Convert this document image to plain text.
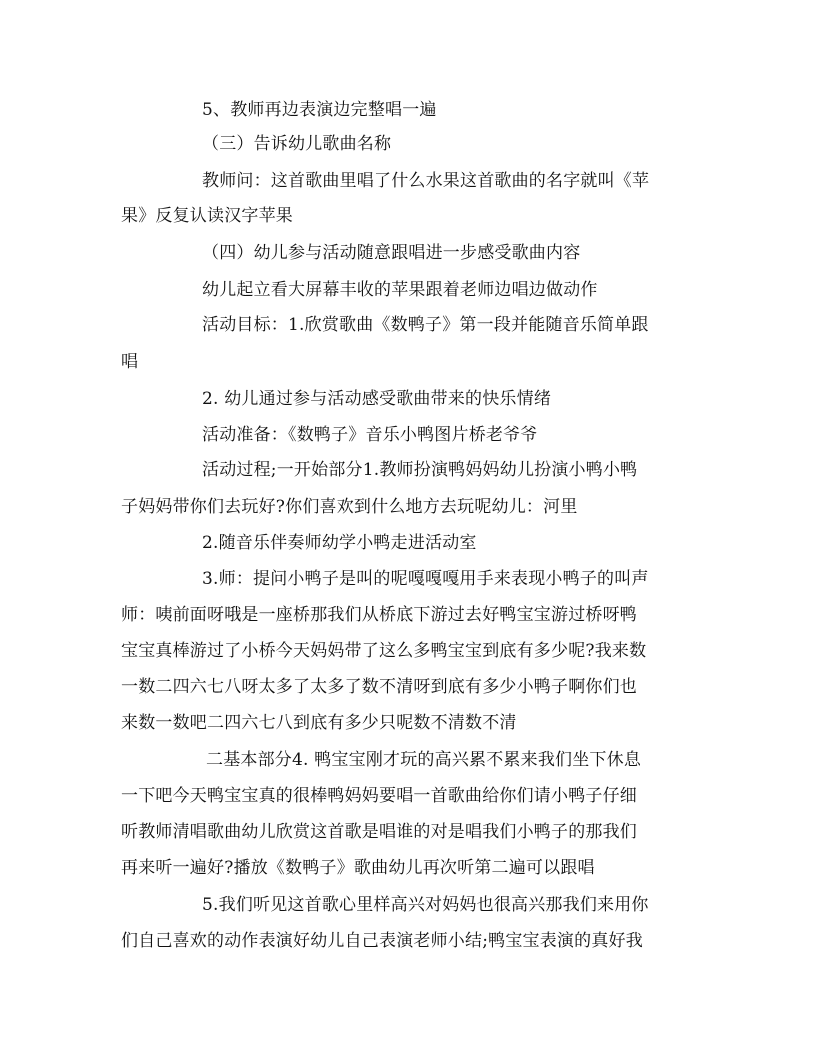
5、教师再边表演边完整唱一遍
（三）告诉幼儿歌曲名称
教师问：这首歌曲里唱了什么水果这首歌曲的名字就叫《苹
果》反复认读汉字苹果
（四）幼儿参与活动随意跟唱进一步感受歌曲内容
幼儿起立看大屏幕丰收的苹果跟着老师边唱边做动作
活动目标：1.欣赏歌曲《数鸭子》第一段并能随音乐简单跟
唱
2. 幼儿通过参与活动感受歌曲带来的快乐情绪
活动准备：《数鸭子》音乐小鸭图片桥老爷爷
活动过程;一开始部分1.教师扮演鸭妈妈幼儿扮演小鸭小鸭
子妈妈带你们去玩好?你们喜欢到什么地方去玩呢幼儿：河里
2.随音乐伴奏师幼学小鸭走进活动室
3.师：提问小鸭子是叫的呢嘎嘎嘎用手来表现小鸭子的叫声
师：咦前面呀哦是一座桥那我们从桥底下游过去好鸭宝宝游过桥呀鸭
宝宝真棒游过了小桥今天妈妈带了这么多鸭宝宝到底有多少呢?我来数
一数二四六七八呀太多了太多了数不清呀到底有多少小鸭子啊你们也
来数一数吧二四六七八到底有多少只呢数不清数不清
二基本部分4. 鸭宝宝刚才玩的高兴累不累来我们坐下休息
一下吧今天鸭宝宝真的很棒鸭妈妈要唱一首歌曲给你们请小鸭子仔细
听教师清唱歌曲幼儿欣赏这首歌是唱谁的对是唱我们小鸭子的那我们
再来听一遍好?播放《数鸭子》歌曲幼儿再次听第二遍可以跟唱
5.我们听见这首歌心里样高兴对妈妈也很高兴那我们来用你
们自己喜欢的动作表演好幼儿自己表演老师小结;鸭宝宝表演的真好我
